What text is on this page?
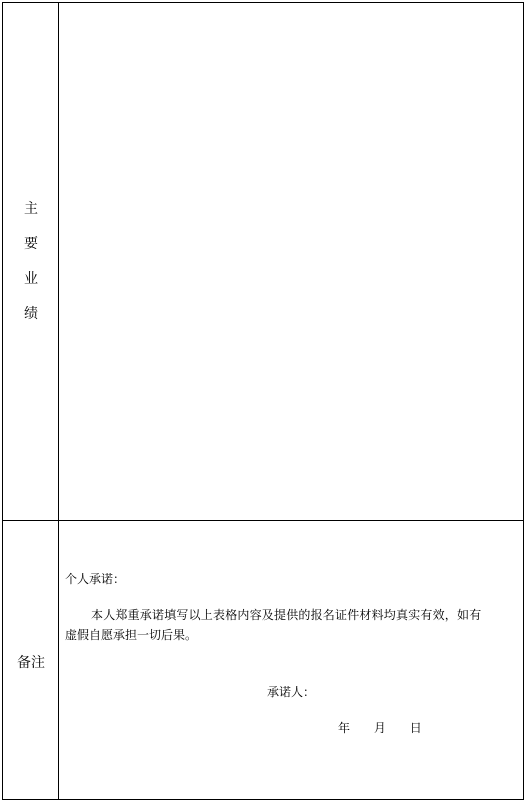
主
要
业
绩
备注
个人承诺：
本人郑重承诺填写以上表格内容及提供的报名证件材料均真实有效，如有
虚假自愿承担一切后果。
承诺人：
年 月 日
